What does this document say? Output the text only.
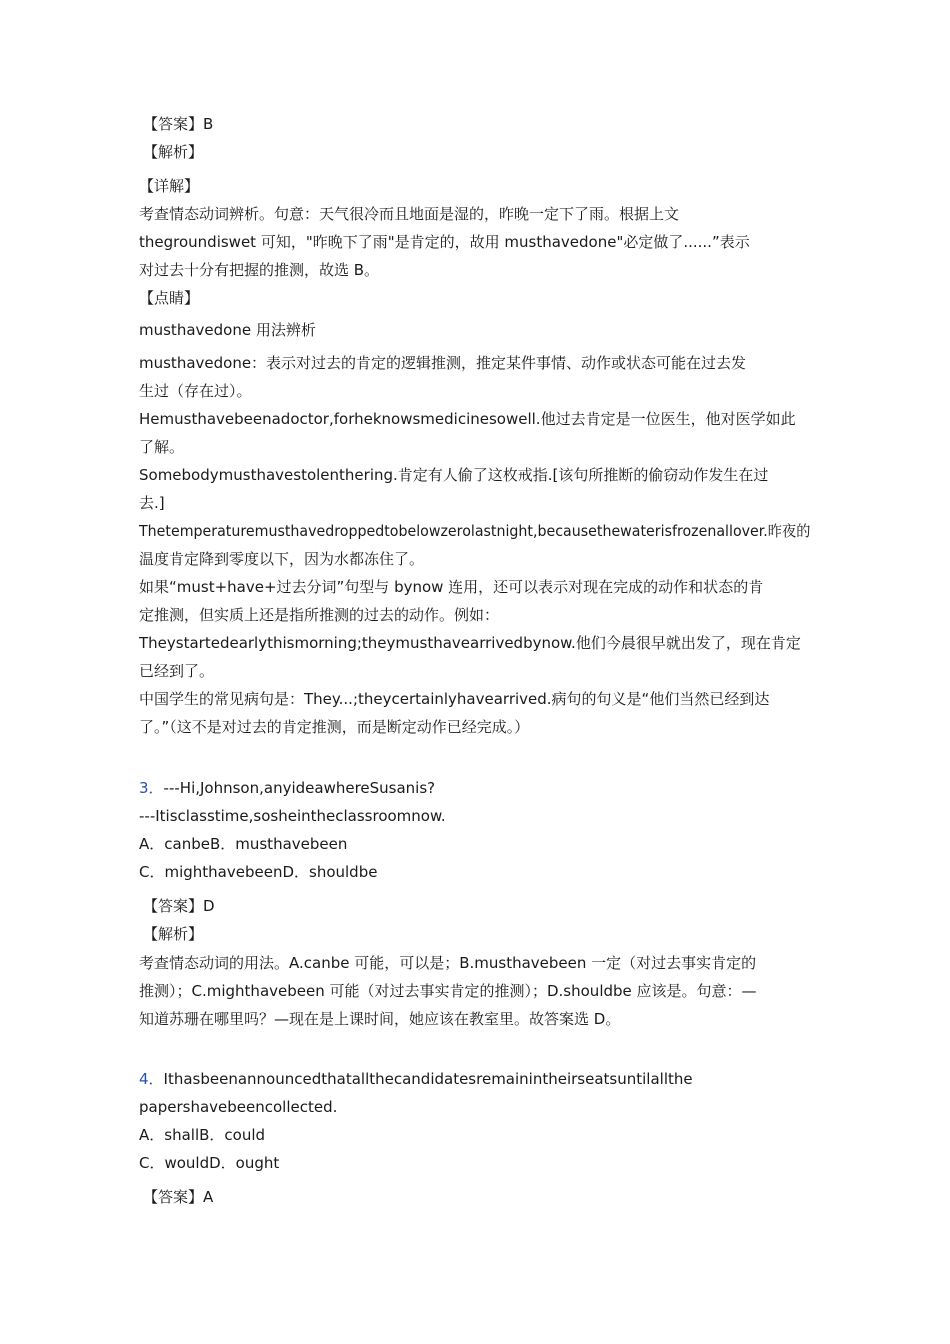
【答案】B

【解析】

【详解】

考查情态动词辨析。句意：天气很冷而且地面是湿的，昨晚一定下了雨。根据上文

thegroundiswet 可知，"昨晚下了雨"是肯定的，故用 musthavedone"必定做了......”表示

对过去十分有把握的推测，故选 B。

【点睛】

musthavedone 用法辨析

musthavedone：表示对过去的肯定的逻辑推测，推定某件事情、动作或状态可能在过去发

生过（存在过）。

Hemusthavebeenadoctor,forheknowsmedicinesowell.他过去肯定是一位医生，他对医学如此

了解。

Somebodymusthavestolenthering.肯定有人偷了这枚戒指.[该句所推断的偷窃动作发生在过

去.]

Thetemperaturemusthavedroppedtobelowzerolastnight,becausethewaterisfrozenallover.昨夜的

温度肯定降到零度以下，因为水都冻住了。

如果“must+have+过去分词”句型与 bynow 连用，还可以表示对现在完成的动作和状态的肯

定推测，但实质上还是指所推测的过去的动作。例如：

Theystartedearlythismorning;theymusthavearrivedbynow.他们今晨很早就出发了，现在肯定

已经到了。

中国学生的常见病句是：They...;theycertainlyhavearrived.病句的句义是“他们当然已经到达

了。”（这不是对过去的肯定推测，而是断定动作已经完成。）

3．---Hi,Johnson,anyideawhereSusanis?

---Itisclasstime,sosheintheclassroomnow.

A．canbeB．musthavebeen

C．mighthavebeenD．shouldbe

【答案】D

【解析】

考查情态动词的用法。A.canbe 可能，可以是；B.musthavebeen 一定（对过去事实肯定的

推测）；C.mighthavebeen 可能（对过去事实肯定的推测）；D.shouldbe 应该是。句意：—

知道苏珊在哪里吗？—现在是上课时间，她应该在教室里。故答案选 D。

4．Ithasbeenannouncedthatallthecandidatesremainintheirseatsuntilallthe

papershavebeencollected.

A．shallB．could

C．wouldD．ought

【答案】A
